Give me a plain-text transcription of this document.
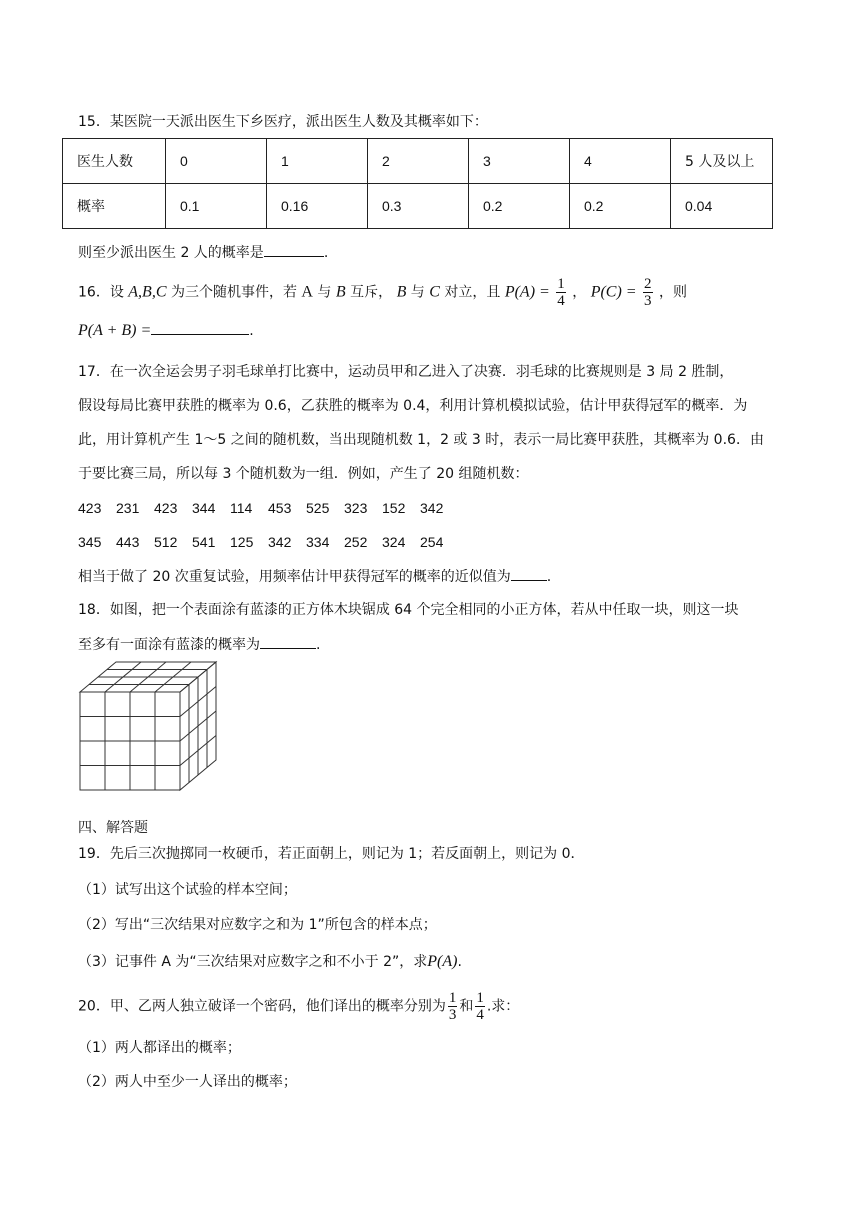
15．某医院一天派出医生下乡医疗，派出医生人数及其概率如下：
医生人数	0	1	2	3	4	5 人及以上
概率	0.1	0.16	0.3	0.2	0.2	0.04
则至少派出医生 2 人的概率是	.
16．设 A,B,C 为三个随机事件，若 A 与 B 互斥， B 与 C 对立，且 $P(A) = \frac{1}{4}$ ， $P(C) = \frac{2}{3}$ ，则
P(A + B) =	.
17．在一次全运会男子羽毛球单打比赛中，运动员甲和乙进入了决赛．羽毛球的比赛规则是 3 局 2 胜制，
假设每局比赛甲获胜的概率为 0.6，乙获胜的概率为 0.4，利用计算机模拟试验，估计甲获得冠军的概率．为
此，用计算机产生 1～5 之间的随机数，当出现随机数 1，2 或 3 时，表示一局比赛甲获胜，其概率为 0.6．由
于要比赛三局，所以每 3 个随机数为一组．例如，产生了 20 组随机数：
423 231 423 344 114 453 525 323 152 342
345 443 512 541 125 342 334 252 324 254
相当于做了 20 次重复试验，用频率估计甲获得冠军的概率的近似值为	.
18．如图，把一个表面涂有蓝漆的正方体木块锯成 64 个完全相同的小正方体，若从中任取一块，则这一块
至多有一面涂有蓝漆的概率为	.
四、解答题
19．先后三次抛掷同一枚硬币，若正面朝上，则记为 1；若反面朝上，则记为 0．
（1）试写出这个试验的样本空间；
（2）写出“三次结果对应数字之和为 1”所包含的样本点；
（3）记事件 A 为“三次结果对应数字之和不小于 2”，求P(A).
20．甲、乙两人独立破译一个密码，他们译出的概率分别为 $\frac{1}{3}$ 和 $\frac{1}{4}$ .求：
（1）两人都译出的概率；
（2）两人中至少一人译出的概率；
